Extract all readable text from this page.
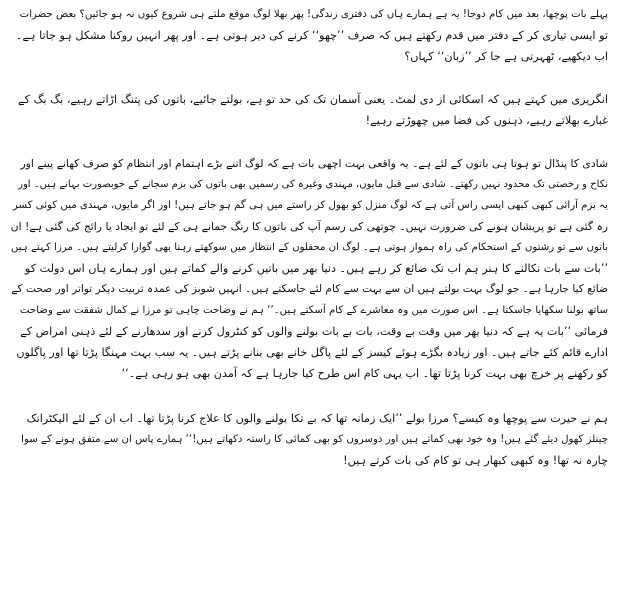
پہلے بات پوچھا، بعد میں کام دوجا! یہ ہے ہمارے ہاں کی دفتری زندگی! پھر بھلا لوگ موقع ملتے ہی شروع کیوں نہ ہو جائیں؟ بعض حضرات
تو ایسی تیاری کر کے دفتر میں قدم رکھتے ہیں کہ صرف ’’چھو‘‘ کرنے کی دیر ہوتی ہے۔ اور پھر انہیں روکنا مشکل ہو جاتا ہے۔
اب دیکھیے، ٹھہرتی ہے جا کر ’’زبان‘‘ کہاں؟
انگریزی میں کہتے ہیں کہ اسکائی از دی لمٹ۔ یعنی آسمان تک کی حد تو ہے، بولتے جائیے، باتوں کی پتنگ اڑاتے رہیے، بگ بگ کے
غبارے بھلاتے رہیے، ذہنوں کی فضا میں چھوڑتے رہیے!
شادی کا پنڈال تو ہوتا ہی باتوں کے لئے ہے۔ یہ واقعی بہت اچھی بات ہے کہ لوگ اتنے بڑے اہتمام اور انتظام کو صرف کھانے پینے اور
نکاح و رخصتی تک محدود نہیں رکھتے۔ شادی سے قبل مایوں، مہندی وغیرہ کی رسمیں بھی باتوں کی بزم سجانے کے خوبصورت بہانے ہیں۔ اور
یہ بزم آرائی کبھی کبھی ایسی راس آتی ہے کہ لوگ منزل کو بھول کر راستے میں ہی گم ہو جاتے ہیں! اور اگر مایوں، مہندی میں کوئی کسر
رہ گئی ہے تو پریشان ہونے کی ضرورت نہیں۔ چوتھی کی رسم آپ کی باتوں کا رنگ جمانے ہی کے لئے تو ایجاد یا رائج کی گئی ہے! ان
باتوں سے تو رشتوں کے استحکام کی راہ ہموار ہوتی ہے۔ لوگ ان محفلوں کے انتظار میں سوکھتے رہنا بھی گوارا کرلیتے ہیں۔ مرزا کہتے ہیں
’’بات سے بات نکالنے کا ہنر ہم اب تک ضائع کر رہے ہیں۔ دنیا بھر میں باتیں کرنے والے کماتے ہیں اور ہمارے ہاں اس دولت کو
ضائع کیا جارہا ہے۔ جو لوگ بہت بولتے ہیں ان سے بہت سے کام لئے جاسکتے ہیں۔ انہیں شوبز کی عمدہ تربیت دیکر تواتر اور صحت کے
ساتھ بولنا سکھایا جاسکتا ہے۔ اس صورت میں وہ معاشرے کے کام آسکتے ہیں۔‘‘ ہم نے وضاحت چاہی تو مرزا نے کمال شفقت سے وضاحت
فرمائی ’’بات یہ ہے کہ دنیا بھر میں وقت بے وقت، بات بے بات بولنے والوں کو کنٹرول کرنے اور سدھارنے کے لئے ذہنی امراض کے
ادارے قائم کئے جاتے ہیں۔ اور زیادہ بگڑے ہوئے کیسز کے لئے پاگل خانے بھی بنانے پڑتے ہیں۔ یہ سب بہت مہنگا پڑتا تھا اور پاگلوں
کو رکھنے پر خرچ بھی بہت کرنا پڑتا تھا۔ اب یہی کام اس طرح کیا جارہا ہے کہ آمدن بھی ہو رہی ہے۔‘‘
ہم نے حیرت سے پوچھا وہ کیسے؟ مرزا بولے ’’ایک زمانہ تھا کہ بے تکا بولنے والوں کا علاج کرنا پڑتا تھا۔ اب ان کے لئے الیکٹرانک
چینلز کھول دیئے گئے ہیں! وہ خود بھی کماتے ہیں اور دوسروں کو بھی کمائی کا راستہ دکھاتے ہیں!‘‘ ہمارے پاس ان سے متفق ہونے کے سوا
چارہ نہ تھا! وہ کبھی کبھار ہی تو کام کی بات کرتے ہیں!
